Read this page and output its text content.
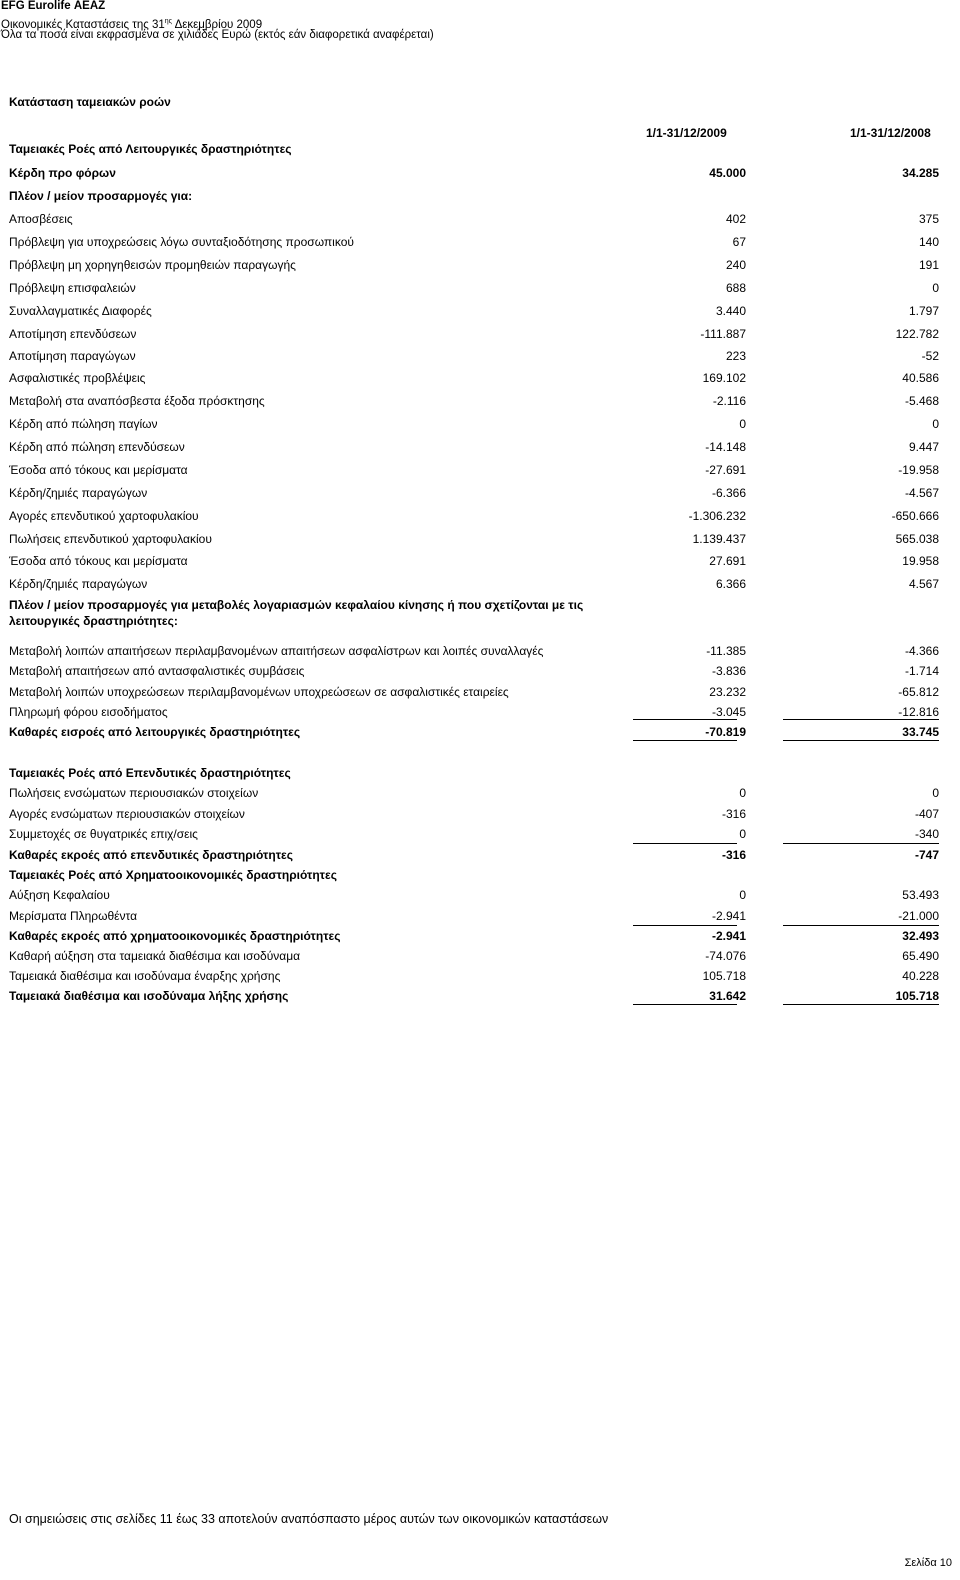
EFG Eurolife ΑΕΑΖ
Οικονομικές Καταστάσεις της $31^{\eta\varsigma}$ Δεκεμβρίου 2009
Όλα τα ποσά είναι εκφρασμένα σε χιλιάδες Ευρώ (εκτός εάν διαφορετικά αναφέρεται)
Κατάσταση ταμειακών ροών
1/1-31/12/2009	1/1-31/12/2008
Ταμειακές Ροές από Λειτουργικές δραστηριότητες
Κέρδη προ φόρων	45.000	34.285
Πλέον / μείον προσαρμογές για:
Αποσβέσεις	402	375
Πρόβλεψη για υποχρεώσεις λόγω συνταξιοδότησης προσωπικού	67	140
Πρόβλεψη μη χορηγηθεισών προμηθειών παραγωγής	240	191
Πρόβλεψη επισφαλειών	688	0
Συναλλαγματικές Διαφορές	3.440	1.797
Αποτίμηση επενδύσεων	-111.887	122.782
Αποτίμηση παραγώγων	223	-52
Ασφαλιστικές προβλέψεις	169.102	40.586
Μεταβολή στα αναπόσβεστα έξοδα πρόσκτησης	-2.116	-5.468
Κέρδη από πώληση παγίων	0	0
Κέρδη από πώληση επενδύσεων	-14.148	9.447
Έσοδα από τόκους και μερίσματα	-27.691	-19.958
Κέρδη/ζημιές παραγώγων	-6.366	-4.567
Αγορές επενδυτικού χαρτοφυλακίου	-1.306.232	-650.666
Πωλήσεις επενδυτικού χαρτοφυλακίου	1.139.437	565.038
Έσοδα από τόκους και μερίσματα	27.691	19.958
Κέρδη/ζημιές παραγώγων	6.366	4.567
Πλέον / μείον προσαρμογές για μεταβολές λογαριασμών κεφαλαίου κίνησης ή που σχετίζονται με τις λειτουργικές δραστηριότητες:
Μεταβολή λοιπών απαιτήσεων περιλαμβανομένων απαιτήσεων ασφαλίστρων και λοιπές συναλλαγές	-11.385	-4.366
Μεταβολή απαιτήσεων από αντασφαλιστικές συμβάσεις	-3.836	-1.714
Μεταβολή λοιπών υποχρεώσεων περιλαμβανομένων υποχρεώσεων σε ασφαλιστικές εταιρείες	23.232	-65.812
Πληρωμή φόρου εισοδήματος	-3.045	-12.816
Καθαρές εισροές από λειτουργικές δραστηριότητες	-70.819	33.745
Ταμειακές Ροές από Επενδυτικές δραστηριότητες
Πωλήσεις ενσώματων περιουσιακών στοιχείων	0	0
Αγορές ενσώματων περιουσιακών στοιχείων	-316	-407
Συμμετοχές σε θυγατρικές επιχ/σεις	0	-340
Καθαρές εκροές από επενδυτικές δραστηριότητες	-316	-747
Ταμειακές Ροές από Χρηματοοικονομικές δραστηριότητες
Αύξηση Κεφαλαίου	0	53.493
Μερίσματα Πληρωθέντα	-2.941	-21.000
Καθαρές εκροές από χρηματοοικονομικές δραστηριότητες	-2.941	32.493
Καθαρή αύξηση στα ταμειακά διαθέσιμα και ισοδύναμα	-74.076	65.490
Ταμειακά διαθέσιμα και ισοδύναμα έναρξης χρήσης	105.718	40.228
Ταμειακά διαθέσιμα και ισοδύναμα λήξης χρήσης	31.642	105.718
Οι σημειώσεις στις σελίδες 11 έως 33 αποτελούν αναπόσπαστο μέρος αυτών των οικονομικών καταστάσεων
Σελίδα 10
